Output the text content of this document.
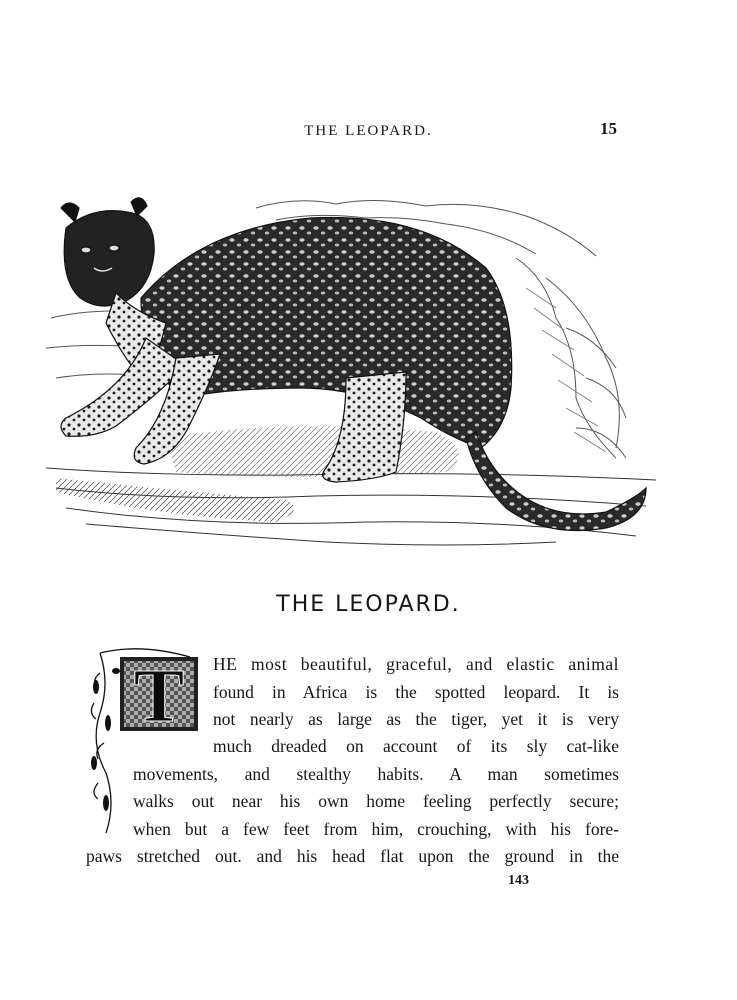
THE LEOPARD.	15
THE LEOPARD.
T HE most beautiful, graceful, and elastic animal
found in Africa is the spotted leopard. It is
not nearly as large as the tiger, yet it is very
much dreaded on account of its sly cat-like
movements, and stealthy habits. A man sometimes
walks out near his own home feeling perfectly secure;
when but a few feet from him, crouching, with his fore-
paws stretched out. and his head flat upon the ground in the
143
